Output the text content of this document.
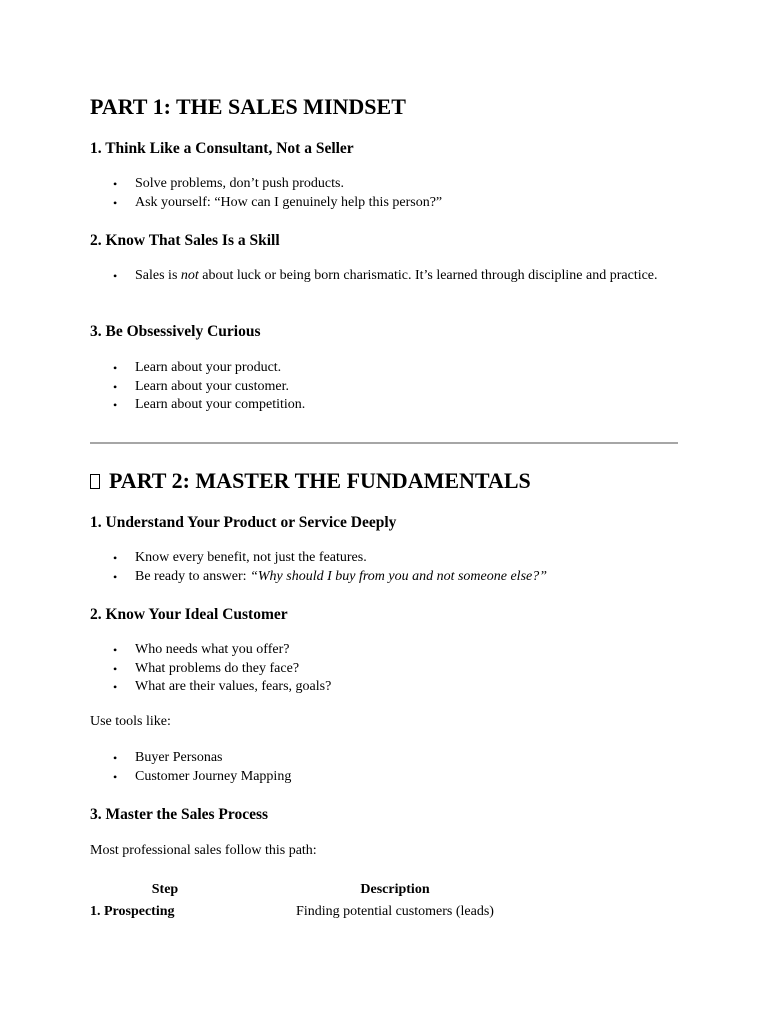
PART 1: THE SALES MINDSET
1. Think Like a Consultant, Not a Seller
• Solve problems, don’t push products.
• Ask yourself: “How can I genuinely help this person?”
2. Know That Sales Is a Skill
• Sales is not about luck or being born charismatic. It’s learned through discipline and practice.
3. Be Obsessively Curious
• Learn about your product.
• Learn about your customer.
• Learn about your competition.
PART 2: MASTER THE FUNDAMENTALS
1. Understand Your Product or Service Deeply
• Know every benefit, not just the features.
• Be ready to answer: “Why should I buy from you and not someone else?”
2. Know Your Ideal Customer
• Who needs what you offer?
• What problems do they face?
• What are their values, fears, goals?
Use tools like:
• Buyer Personas
• Customer Journey Mapping
3. Master the Sales Process
Most professional sales follow this path:
Step	Description
1. Prospecting	Finding potential customers (leads)
